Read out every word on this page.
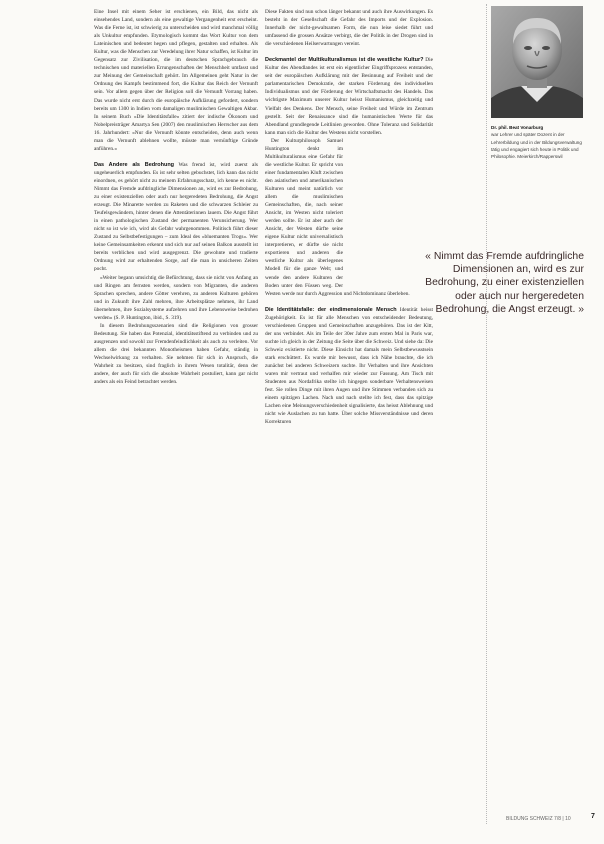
Eine Insel mit einem Seher ist erschienen, ein Bild, das nicht als einsehendes Land, sondern als eine gewaltige Vergangenheit erst erscheint. Was die Ferne ist, ist schwierig zu unterscheiden und wird manchmal völlig als Unkultur empfunden. Etymologisch kommt das Wort Kultur von dem Lateinischen und bedeutet hegen und pflegen, gestalten und erhalten. Als Kultur, was die Menschen zur Veredelung ihrer Natur schaffen, ist Kultur im Gegensatz zur Zivilisation, die im deutschen Sprachgebrauch die technischen und materiellen Errungenschaften der Menschheit umfasst und zur Meinung der Gemeinschaft gehört. Im Allgemeinen geht Natur in der Ordnung des Kampfs bestimmend fort, die Kultur das Reich der Vernunft sein. Vor allem gegen über der Religion soll die Vernunft Vorrang haben. Das wurde nicht erst durch die europäische Aufklärung gefordert, sondern bereits um 1300 in Indien vom damaligen muslimischen Gewaltigen Akbar. In seinem Buch «Die Identitätsfalle» zitiert der indische Ökonom und Nobelpreisträger Amartya Sen (2007) den muslimischen Herrscher aus dem 16. Jahrhundert: «Nur die Vernunft könnte entscheiden, denn auch wenn man die Vernunft ablehnen wollte, müsste man vernünftige Gründe anführen.»

Das Andere als Bedrohung Was fremd ist, wird zuerst als ungeheuerlich empfunden. Es ist sehr selten gebuchstet, lich kann das nicht einordnen, es gehört nicht zu meinem Erfahrungsschatz, ich kenne es nicht. Nimmt das Fremde aufdringliche Dimensionen an, wird es zur Bedrohung, zu einer existenziellen oder auch nur hergeredeten Bedrohung, die Angst erzeugt. Die Minarette werden zu Raketen und die schwarzen Schleier zu Teufelsgewändern, hinter denen die Attentäterinnen lauern. Die Angst führt in einen pathologischen Zustand der permanenten Verunsicherung. Wer nicht so ist wie ich, wird als Gefahr wahrgenommen. Politisch führt dieser Zustand zu Selbstbefestigungen – zum Ideal des «bluemanten Trogs». Wer keine Gemeinsamkeiten erkennt und sich nur auf seinen Balkon ausstellt ist bereits verblichen und wird ausgegrenzt. Die gewohnte und tradierte Ordnung wird zur erhaltenden Sorge, auf die man in unsicheren Zeiten pocht.

«Weiter begann umsichtig die Befürchtung, dass sie nicht von Anfang an und Ringen am fernsten werden, sondern von Migranten, die anderen Sprachen sprechen, andere Götter verehren, zu anderen Kulturen gehören und in Zukunft ihre Zahl mehren, ihre Arbeitsplätze nehmen, ihr Land übernehmen, ihre Sozialsysteme aufzehren und ihre Lebensweise bedrohen werden» (S. P. Huntington, ibid., S. 319).

In diesem Bedrohungsszenarien sind die Religionen von grosser Bedeutung. Sie haben das Potenzial, identitätsstiftend zu verbinden und zu ausgrenzen und sowohl zur Fremdenfeindlichkeit als auch zu verleiten. Vor allem die drei bekannten Monotheismen haben Gefahr, ständig in Wechselwirkung zu verhalten. Sie nehmen für sich in Anspruch, die Wahrheit zu besitzen, sind fraglich in ihrem Wesen totalitär, denn der andere, der auch für sich die absolute Wahrheit postuliert, kann gar nicht anders als ein Feind betrachtet werden.

Diese Fakten sind nun schon länger bekannt und auch ihre Auswirkungen. Es besteht in der Gesellschaft die Gefahr des Imports und der Explosion. Innerhalb der nicht-gewaltsamen Form, die nun leise siedet führt und umfassend die grossen Ansätze verbirgt, die der Politik in der Drogen sind in die verschiedenen Heilserwartungen vereint.

Deckmantel der Multikulturalismus ist die westliche Kultur? Die Kultur des Abendlandes ist erst ein eigentlicher Eingriffsprozess entstanden, seit der europäischen Aufklärung mit der Besinnung auf Freiheit und der parlamentarischen Demokratie, der starken Förderung des individuellen Individualismus und der Förderung der Wirtschaftsmacht des Handels. Das wichtigste Maximum unserer Kultur heisst Humanismus, gleichzeitig und Vielfalt des Denkens. Der Mensch, seine Freiheit und Würde im Zentrum gestellt. Seit der Renaissance sind die humanistischen Werte für das Abendland grundlegende Leitlinien geworden. Ohne Toleranz und Solidarität kann man sich die Kultur des Westens nicht vorstellen.

Der Kulturphilosoph Samuel Huntington denkt im Multikulturalismus eine Gefahr für die westliche Kultur. Er spricht von einer fundamentalen Kluft zwischen den asiatischen und amerikanischen Kulturen und meint natürlich vor allem die muslimischen Gemeinschaften, die, nach seiner Ansicht, im Westen nicht toleriert werden sollte. Er ist aber auch der Ansicht, der Westen dürfte seine eigene Kultur nicht universalistisch interpretieren, er dürfte sie nicht exportieren und anderen die westliche Kultur als überlegenes Modell für die ganze Welt; und wende den andere Kulturen der Boden unter den Füssen weg. Der Westen werde nur durch Aggression und Nichtdominanz überleben.

Die Identitätsfalle: der eindimensionale Mensch Identität heisst Zugehörigkeit. Es ist für alle Menschen von entscheidender Bedeutung, verschiedenen Gruppen und Gemeinschaften anzugehören. Das ist der Kitt, der uns verbindet. Als im Teile der 30er Jahre zum ersten Mal in Paris war, suchte ich gleich in der Zeitung die Seite über die Schweiz. Und siehe da: Die Schweiz existierte nicht. Diese Einsicht hat damals mein Selbstbewusstsein stark erschüttert. Es wurde mir bewusst, dass ich Nähe brauchte, die ich zunächst bei anderen Schweizern suchte. Ihr Verhalten und ihre Ansichten waren mir vertraut und verhalfen mir wieder zur Fassung. Am Tisch mit Studenten aus Nordafrika stellte ich hingegen sonderbare Verhaltensweisen fest. Sie rollen Dinge mit ihren Augen und ihre Stimmen verbanden sich zu einem spitzigen Lachen. Nach und nach stellte ich fest, dass das spitzige Lachen eine Meinungsverschiedenheit signalisierte, das heisst Ablehnung und nicht wie Auslachen zu tun hatte. Über solche Missverständnisse und deren Korrekturen

« Nimmt das Fremde aufdringliche Dimensionen an, wird es zur Bedrohung, zu einer existenziellen oder auch nur hergeredeten Bedrohung, die Angst erzeugt. »
Dr. phil. Beat Vonarburg
war Lehrer und später Dozent in der Lehrerbildung und in der Bildungsverwaltung tätig und engagiert sich heute in Politik und Philosophie. Meierkirch/Rapperswil
BILDUNG SCHWEIZ 7/8 | 10	7
